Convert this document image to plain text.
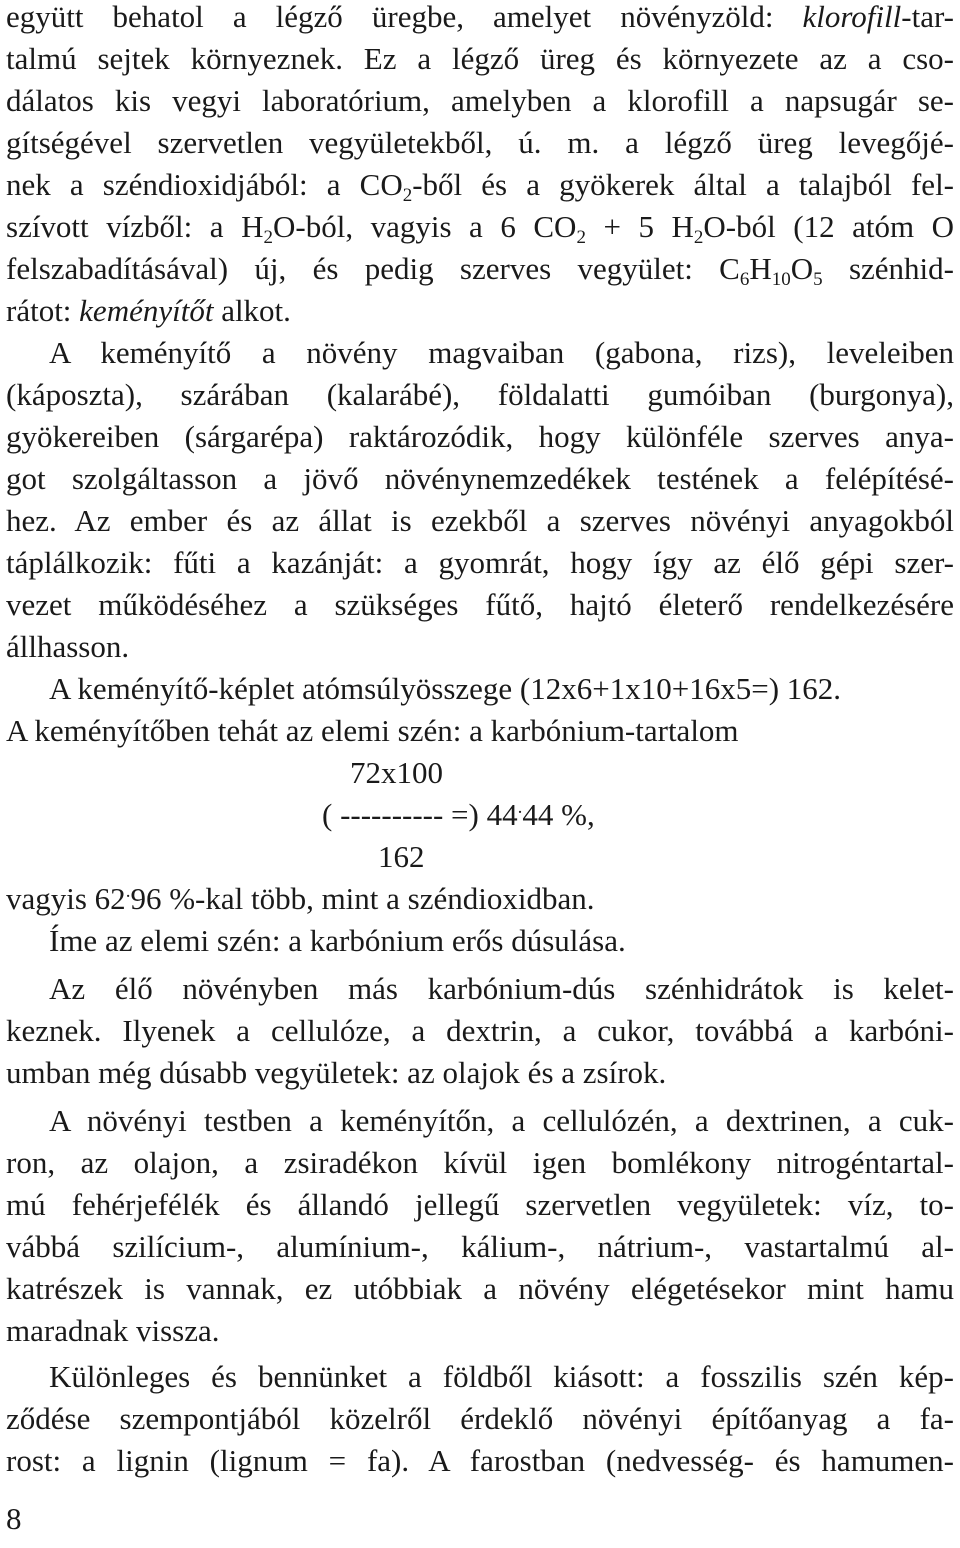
együtt behatol a légző üregbe, amelyet növényzöld: klorofill-tar-
talmú sejtek környeznek. Ez a légző üreg és környezete az a cso-
dálatos kis vegyi laboratórium, amelyben a klorofill a napsugár se-
gítségével szervetlen vegyületekből, ú. m. a légző üreg levegőjé-
nek a széndioxidjából: a $CO_2$-ből és a gyökerek által a talajból fel-
szívott vízből: a $H_2O$-ból, vagyis a 6 $CO_2 + 5$ $H_2O$-ból (12 atóm O
felszabadításával) új, és pedig szerves vegyület: $C_6H_{10}O_5$ szénhid-
rátot: keményítőt alkot.
A keményítő a növény magvaiban (gabona, rizs), leveleiben
(káposzta), szárában (kalarábé), földalatti gumóiban (burgonya),
gyökereiben (sárgarépa) raktározódik, hogy különféle szerves anya-
got szolgáltasson a jövő növénynemzedékek testének a felépítésé-
hez. Az ember és az állat is ezekből a szerves növényi anyagokból
táplálkozik: fűti a kazánját: a gyomrát, hogy így az élő gépi szer-
vezet működéséhez a szükséges fűtő, hajtó életerő rendelkezésére
állhasson.
A keményítő-képlet atómsúlyösszege (12x6+1x10+16x5=) 162.
A keményítőben tehát az elemi szén: a karbónium-tartalom
72x100
( ---------- =) 44.44 %,
162
vagyis 62.96 %-kal több, mint a széndioxidban.
Íme az elemi szén: a karbónium erős dúsulása.
Az élő növényben más karbónium-dús szénhidrátok is kelet-
keznek. Ilyenek a cellulóze, a dextrin, a cukor, továbbá a karbóni-
umban még dúsabb vegyületek: az olajok és a zsírok.
A növényi testben a keményítőn, a cellulózén, a dextrinen, a cuk-
ron, az olajon, a zsiradékon kívül igen bomlékony nitrogéntartal-
mú fehérjefélék és állandó jellegű szervetlen vegyületek: víz, to-
vábbá szilícium-, alumínium-, kálium-, nátrium-, vastartalmú al-
katrészek is vannak, ez utóbbiak a növény elégetésekor mint hamu
maradnak vissza.
Különleges és bennünket a földből kiásott: a fosszilis szén kép-
ződése szempontjából közelről érdeklő növényi építőanyag a fa-
rost: a lignin (lignum = fa). A farostban (nedvesség- és hamumen-
8
